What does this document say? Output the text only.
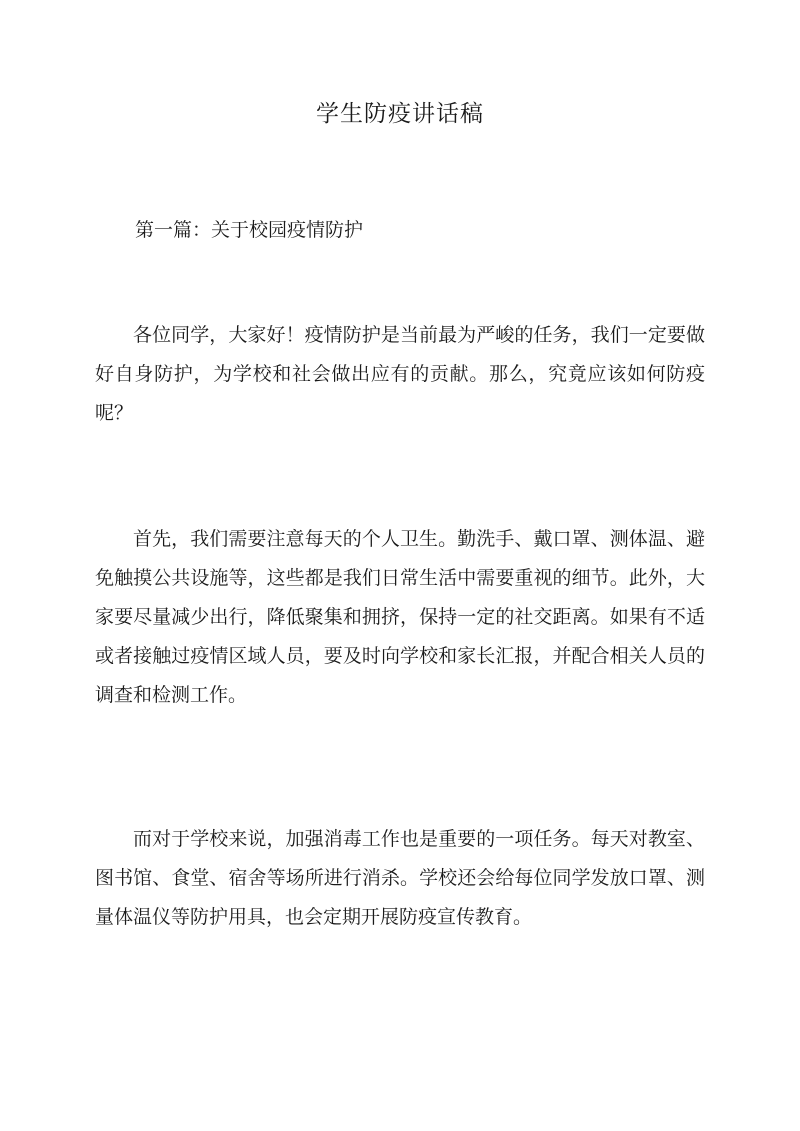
学生防疫讲话稿
第一篇：关于校园疫情防护

各位同学，大家好！疫情防护是当前最为严峻的任务，我们一定要做好自身防护，为学校和社会做出应有的贡献。那么，究竟应该如何防疫呢？

首先，我们需要注意每天的个人卫生。勤洗手、戴口罩、测体温、避免触摸公共设施等，这些都是我们日常生活中需要重视的细节。此外，大家要尽量减少出行，降低聚集和拥挤，保持一定的社交距离。如果有不适或者接触过疫情区域人员，要及时向学校和家长汇报，并配合相关人员的调查和检测工作。

而对于学校来说，加强消毒工作也是重要的一项任务。每天对教室、图书馆、食堂、宿舍等场所进行消杀。学校还会给每位同学发放口罩、测量体温仪等防护用具，也会定期开展防疫宣传教育。
